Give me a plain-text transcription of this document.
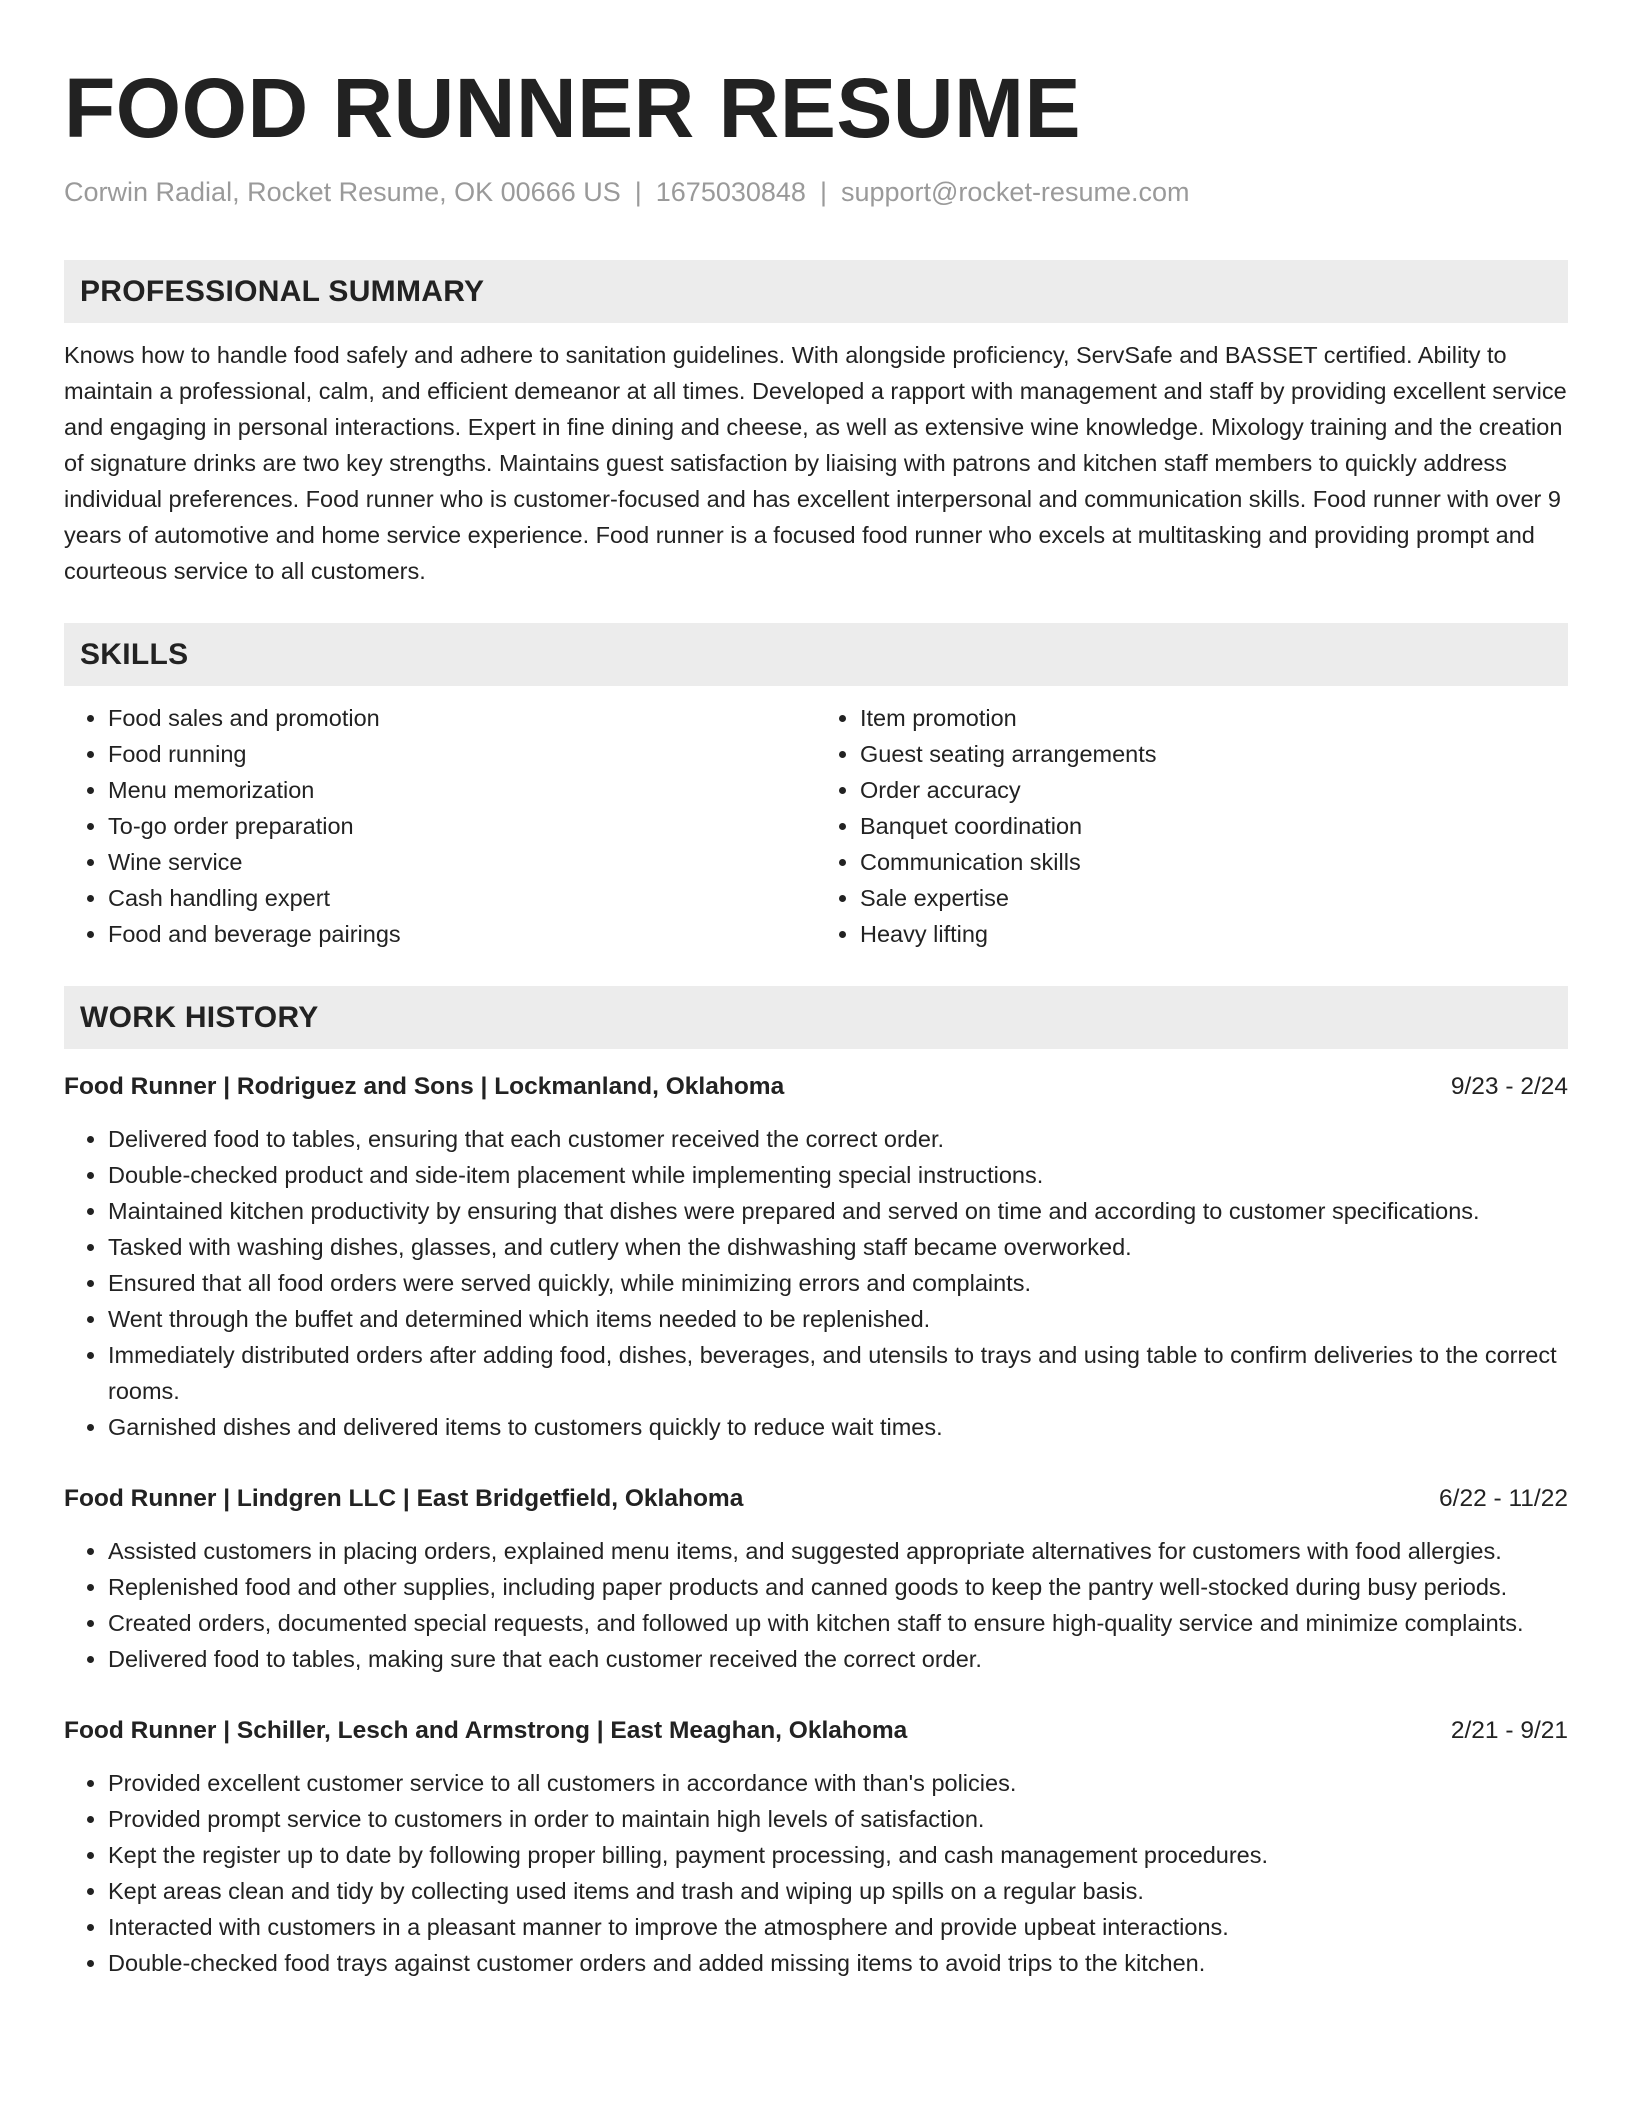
FOOD RUNNER RESUME
Corwin Radial, Rocket Resume, OK 00666 US | 1675030848 | support@rocket-resume.com
PROFESSIONAL SUMMARY

Knows how to handle food safely and adhere to sanitation guidelines. With alongside proficiency, ServSafe and BASSET certified. Ability to maintain a professional, calm, and efficient demeanor at all times. Developed a rapport with management and staff by providing excellent service and engaging in personal interactions. Expert in fine dining and cheese, as well as extensive wine knowledge. Mixology training and the creation of signature drinks are two key strengths. Maintains guest satisfaction by liaising with patrons and kitchen staff members to quickly address individual preferences. Food runner who is customer-focused and has excellent interpersonal and communication skills. Food runner with over 9 years of automotive and home service experience. Food runner is a focused food runner who excels at multitasking and providing prompt and courteous service to all customers.

SKILLS
• Food sales and promotion
• Food running
• Menu memorization
• To-go order preparation
• Wine service
• Cash handling expert
• Food and beverage pairings
• Item promotion
• Guest seating arrangements
• Order accuracy
• Banquet coordination
• Communication skills
• Sale expertise
• Heavy lifting
WORK HISTORY
Food Runner | Rodriguez and Sons | Lockmanland, Oklahoma	9/23 - 2/24
• Delivered food to tables, ensuring that each customer received the correct order.
• Double-checked product and side-item placement while implementing special instructions.
• Maintained kitchen productivity by ensuring that dishes were prepared and served on time and according to customer specifications.
• Tasked with washing dishes, glasses, and cutlery when the dishwashing staff became overworked.
• Ensured that all food orders were served quickly, while minimizing errors and complaints.
• Went through the buffet and determined which items needed to be replenished.
• Immediately distributed orders after adding food, dishes, beverages, and utensils to trays and using table to confirm deliveries to the correct rooms.
• Garnished dishes and delivered items to customers quickly to reduce wait times.
Food Runner | Lindgren LLC | East Bridgetfield, Oklahoma	6/22 - 11/22
• Assisted customers in placing orders, explained menu items, and suggested appropriate alternatives for customers with food allergies.
• Replenished food and other supplies, including paper products and canned goods to keep the pantry well-stocked during busy periods.
• Created orders, documented special requests, and followed up with kitchen staff to ensure high-quality service and minimize complaints.
• Delivered food to tables, making sure that each customer received the correct order.
Food Runner | Schiller, Lesch and Armstrong | East Meaghan, Oklahoma	2/21 - 9/21
• Provided excellent customer service to all customers in accordance with than's policies.
• Provided prompt service to customers in order to maintain high levels of satisfaction.
• Kept the register up to date by following proper billing, payment processing, and cash management procedures.
• Kept areas clean and tidy by collecting used items and trash and wiping up spills on a regular basis.
• Interacted with customers in a pleasant manner to improve the atmosphere and provide upbeat interactions.
• Double-checked food trays against customer orders and added missing items to avoid trips to the kitchen.
